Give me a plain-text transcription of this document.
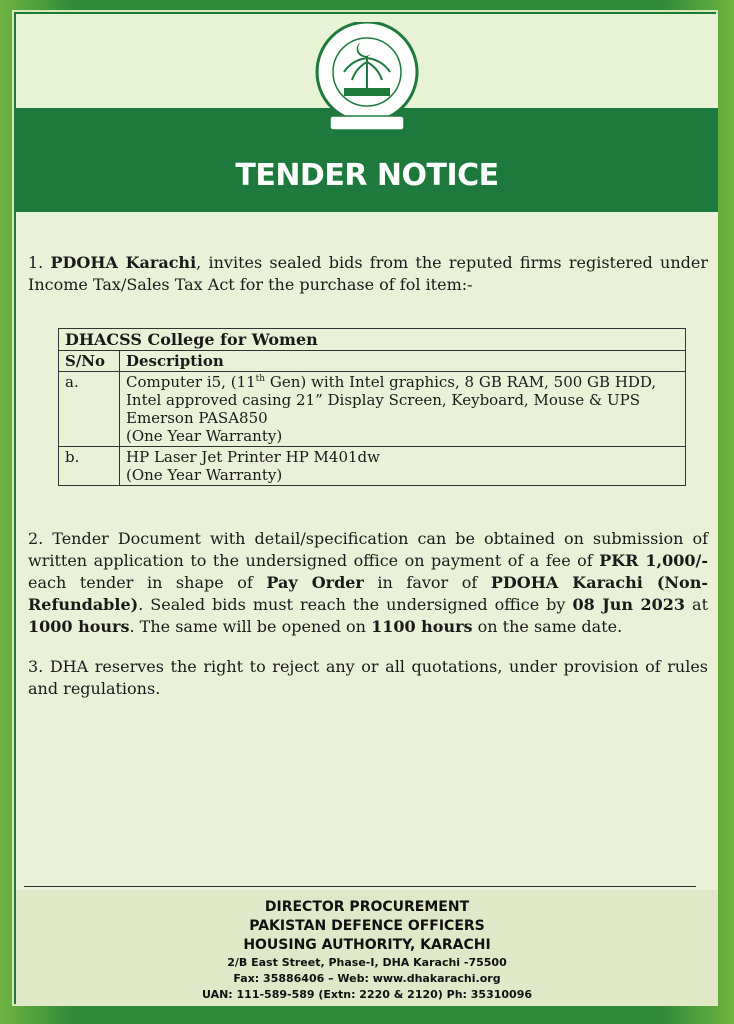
TENDER NOTICE

1. PDOHA Karachi, invites sealed bids from the reputed firms registered under Income Tax/Sales Tax Act for the purchase of fol item:-

DHACSS College for Women	
S/No	Description
a.	Computer i5, (11th Gen) with Intel graphics, 8 GB RAM, 500 GB HDD, Intel approved casing 21” Display Screen, Keyboard, Mouse & UPS Emerson PASA850
(One Year Warranty)
b.	HP Laser Jet Printer HP M401dw
(One Year Warranty)

2. Tender Document with detail/specification can be obtained on submission of written application to the undersigned office on payment of a fee of PKR 1,000/- each tender in shape of Pay Order in favor of PDOHA Karachi (Non-Refundable). Sealed bids must reach the undersigned office by 08 Jun 2023 at 1000 hours. The same will be opened on 1100 hours on the same date.

3. DHA reserves the right to reject any or all quotations, under provision of rules and regulations.

DIRECTOR PROCUREMENT
PAKISTAN DEFENCE OFFICERS
HOUSING AUTHORITY, KARACHI
2/B East Street, Phase-I, DHA Karachi -75500
Fax: 35886406 – Web: www.dhakarachi.org
UAN: 111-589-589 (Extn: 2220 & 2120) Ph: 35310096
